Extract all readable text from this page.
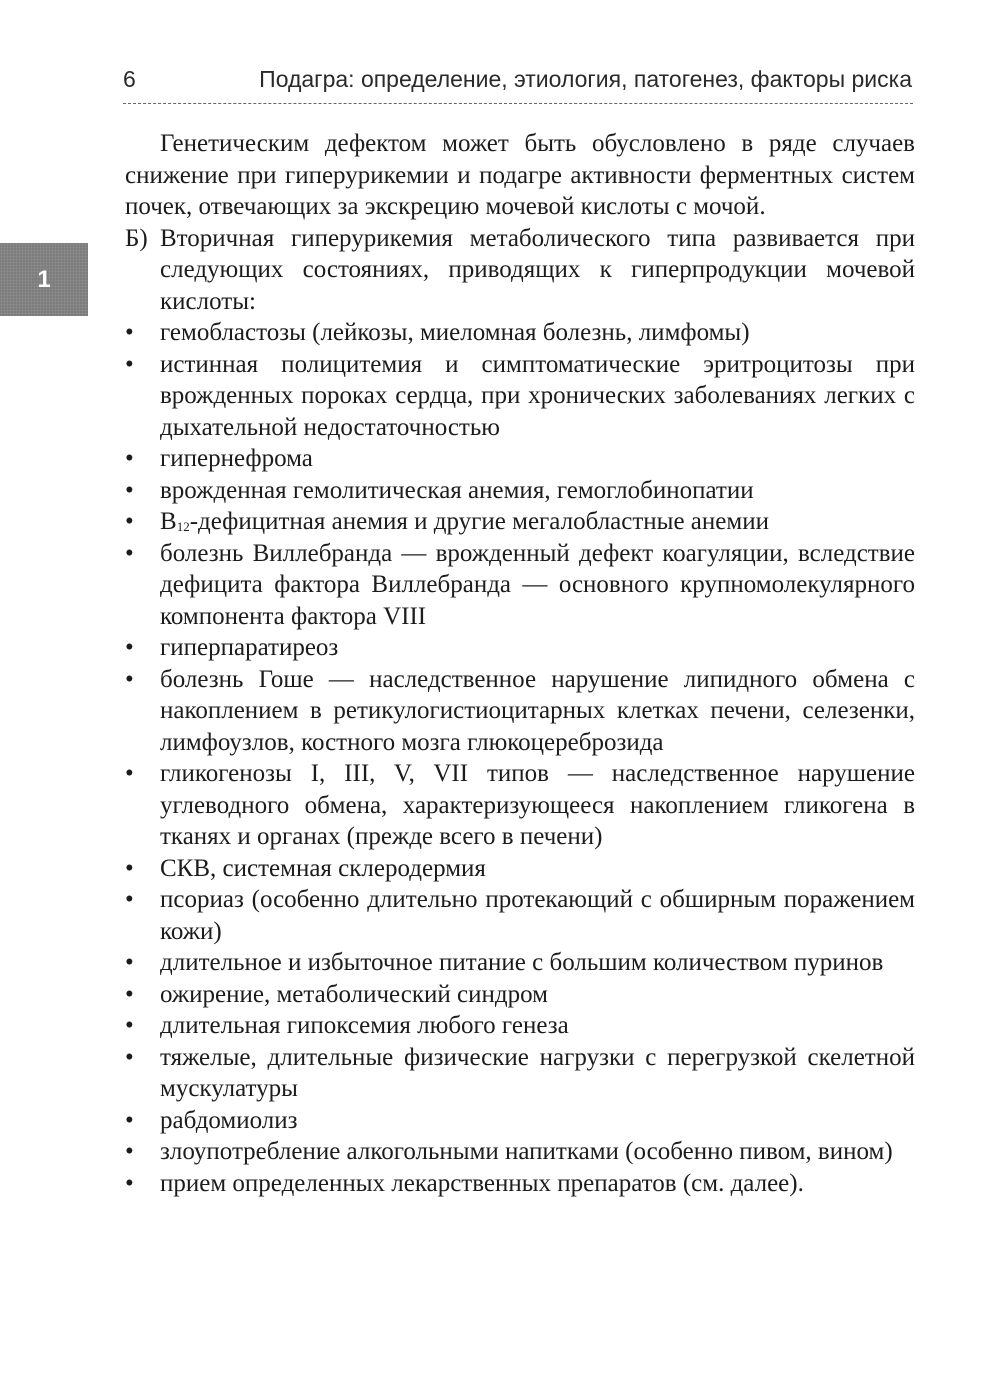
6	Подагра: определение, этиология, патогенез, факторы риска
1

Генетическим дефектом может быть обусловлено в ряде случаев снижение при гиперурикемии и подагре активности ферментных систем почек, отвечающих за экскрецию мочевой кислоты с мочой.

Б) Вторичная гиперурикемия метаболического типа развивается при следующих состояниях, приводящих к гиперпродукции мочевой кислоты:
• гемобластозы (лейкозы, миеломная болезнь, лимфомы)
• истинная полицитемия и симптоматические эритроцитозы при врожденных пороках сердца, при хронических заболеваниях легких с дыхательной недостаточностью
• гипернефрома
• врожденная гемолитическая анемия, гемоглобинопатии
• $B_{12}$-дефицитная анемия и другие мегалобластные анемии
• болезнь Виллебранда — врожденный дефект коагуляции, вследствие дефицита фактора Виллебранда — основного крупномолекулярного компонента фактора VIII
• гиперпаратиреоз
• болезнь Гоше — наследственное нарушение липидного обмена с накоплением в ретикулогистиоцитарных клетках печени, селезенки, лимфоузлов, костного мозга глюкоцереброзида
• гликогенозы I, III, V, VII типов — наследственное нарушение углеводного обмена, характеризующееся накоплением гликогена в тканях и органах (прежде всего в печени)
• СКВ, системная склеродермия
• псориаз (особенно длительно протекающий с обширным поражением кожи)
• длительное и избыточное питание с большим количеством пуринов
• ожирение, метаболический синдром
• длительная гипоксемия любого генеза
• тяжелые, длительные физические нагрузки с перегрузкой скелетной мускулатуры
• рабдомиолиз
• злоупотребление алкогольными напитками (особенно пивом, вином)
• прием определенных лекарственных препаратов (см. далее).
